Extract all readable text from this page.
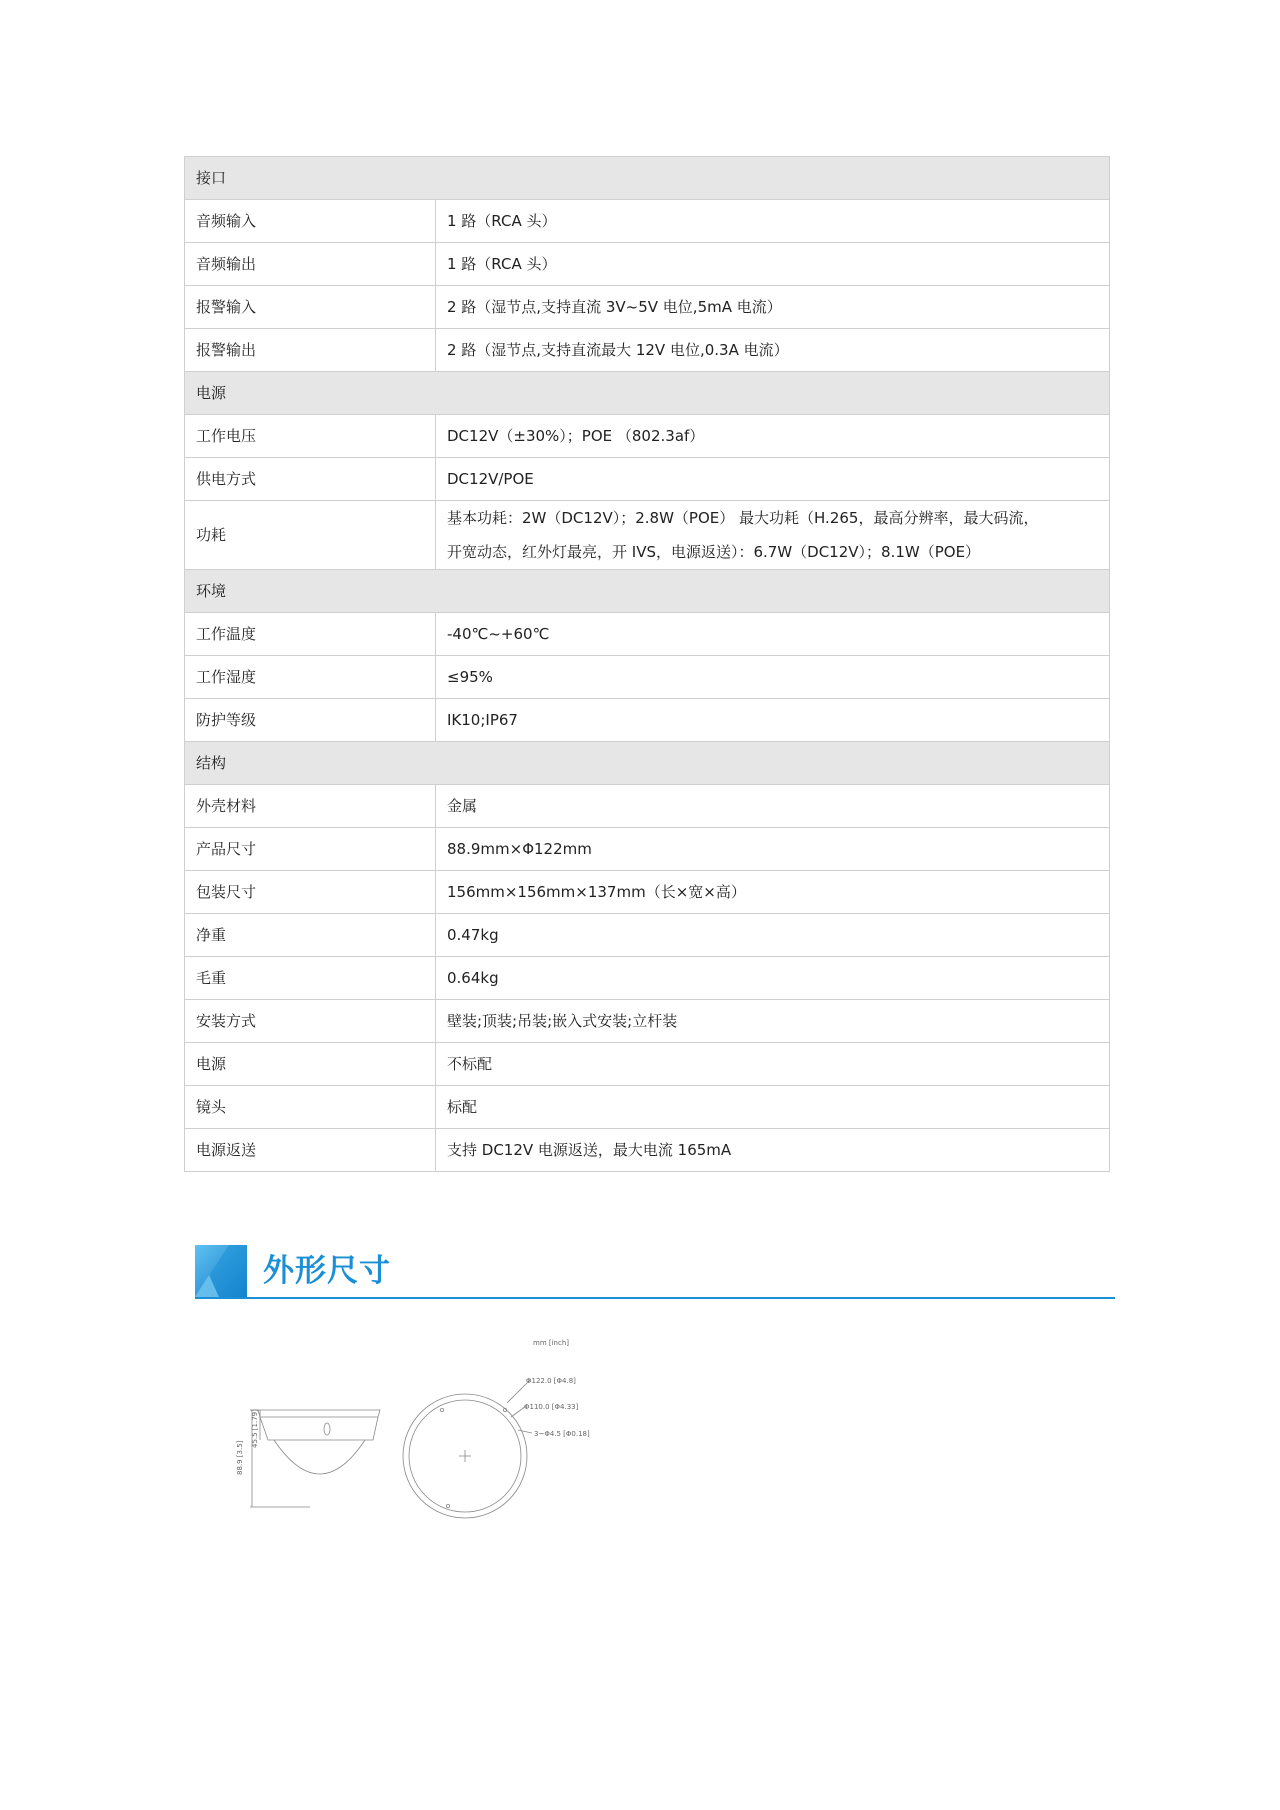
接口	
音频输入	1 路（RCA 头）
音频输出	1 路（RCA 头）
报警输入	2 路（湿节点,支持直流 3V~5V 电位,5mA 电流）
报警输出	2 路（湿节点,支持直流最大 12V 电位,0.3A 电流）
电源	
工作电压	DC12V（±30%）；POE （802.3af）
供电方式	DC12V/POE
功耗	基本功耗：2W（DC12V）；2.8W（POE） 最大功耗（H.265，最高分辨率，最大码流，
开宽动态，红外灯最亮，开 IVS，电源返送）：6.7W（DC12V）；8.1W（POE）

环境	
工作温度	-40℃~+60℃
工作湿度	≤95%
防护等级	IK10;IP67
结构	
外壳材料	金属
产品尺寸	88.9mm×Φ122mm
包装尺寸	156mm×156mm×137mm（长×宽×高）
净重	0.47kg
毛重	0.64kg
安装方式	壁装;顶装;吊装;嵌入式安装;立杆装
电源	不标配
镜头	标配
电源返送	支持 DC12V 电源返送，最大电流 165mA
外形尺寸
mm [inch]
88.9 [3.5]
45.5 [1.79]
Φ122.0 [Φ4.8]
Φ110.0 [Φ4.33]
3~Φ4.5 [Φ0.18]
